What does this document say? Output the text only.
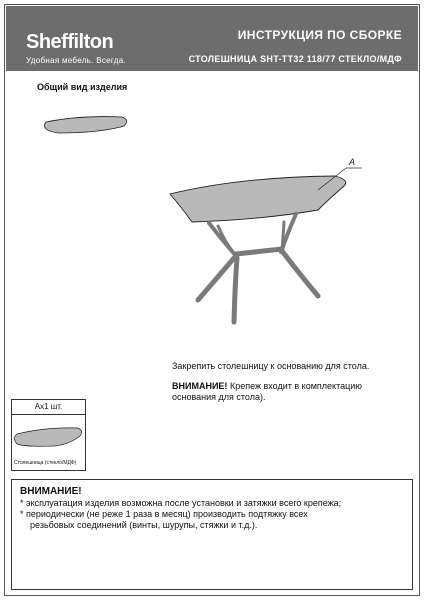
Sheffilton
Удобная мебель. Всегда.
ИНСТРУКЦИЯ ПО СБОРКЕ
СТОЛЕШНИЦА SHT-TT32 118/77 СТЕКЛО/МДФ
Общий вид изделия
A
Закрепить столешницу к основанию для стола.
ВНИМАНИЕ! Крепеж входит в комплектацию основания для стола).
Ax1 шт.
Столешница (стекло/МДФ)
ВНИМАНИЕ!
* эксплуатация изделия возможна после установки и затяжки всего крепежа;
* периодически (не реже 1 раза в месяц) производить подтяжку всех
резьбовых соединений (винты, шурупы, стяжки и т.д.).
